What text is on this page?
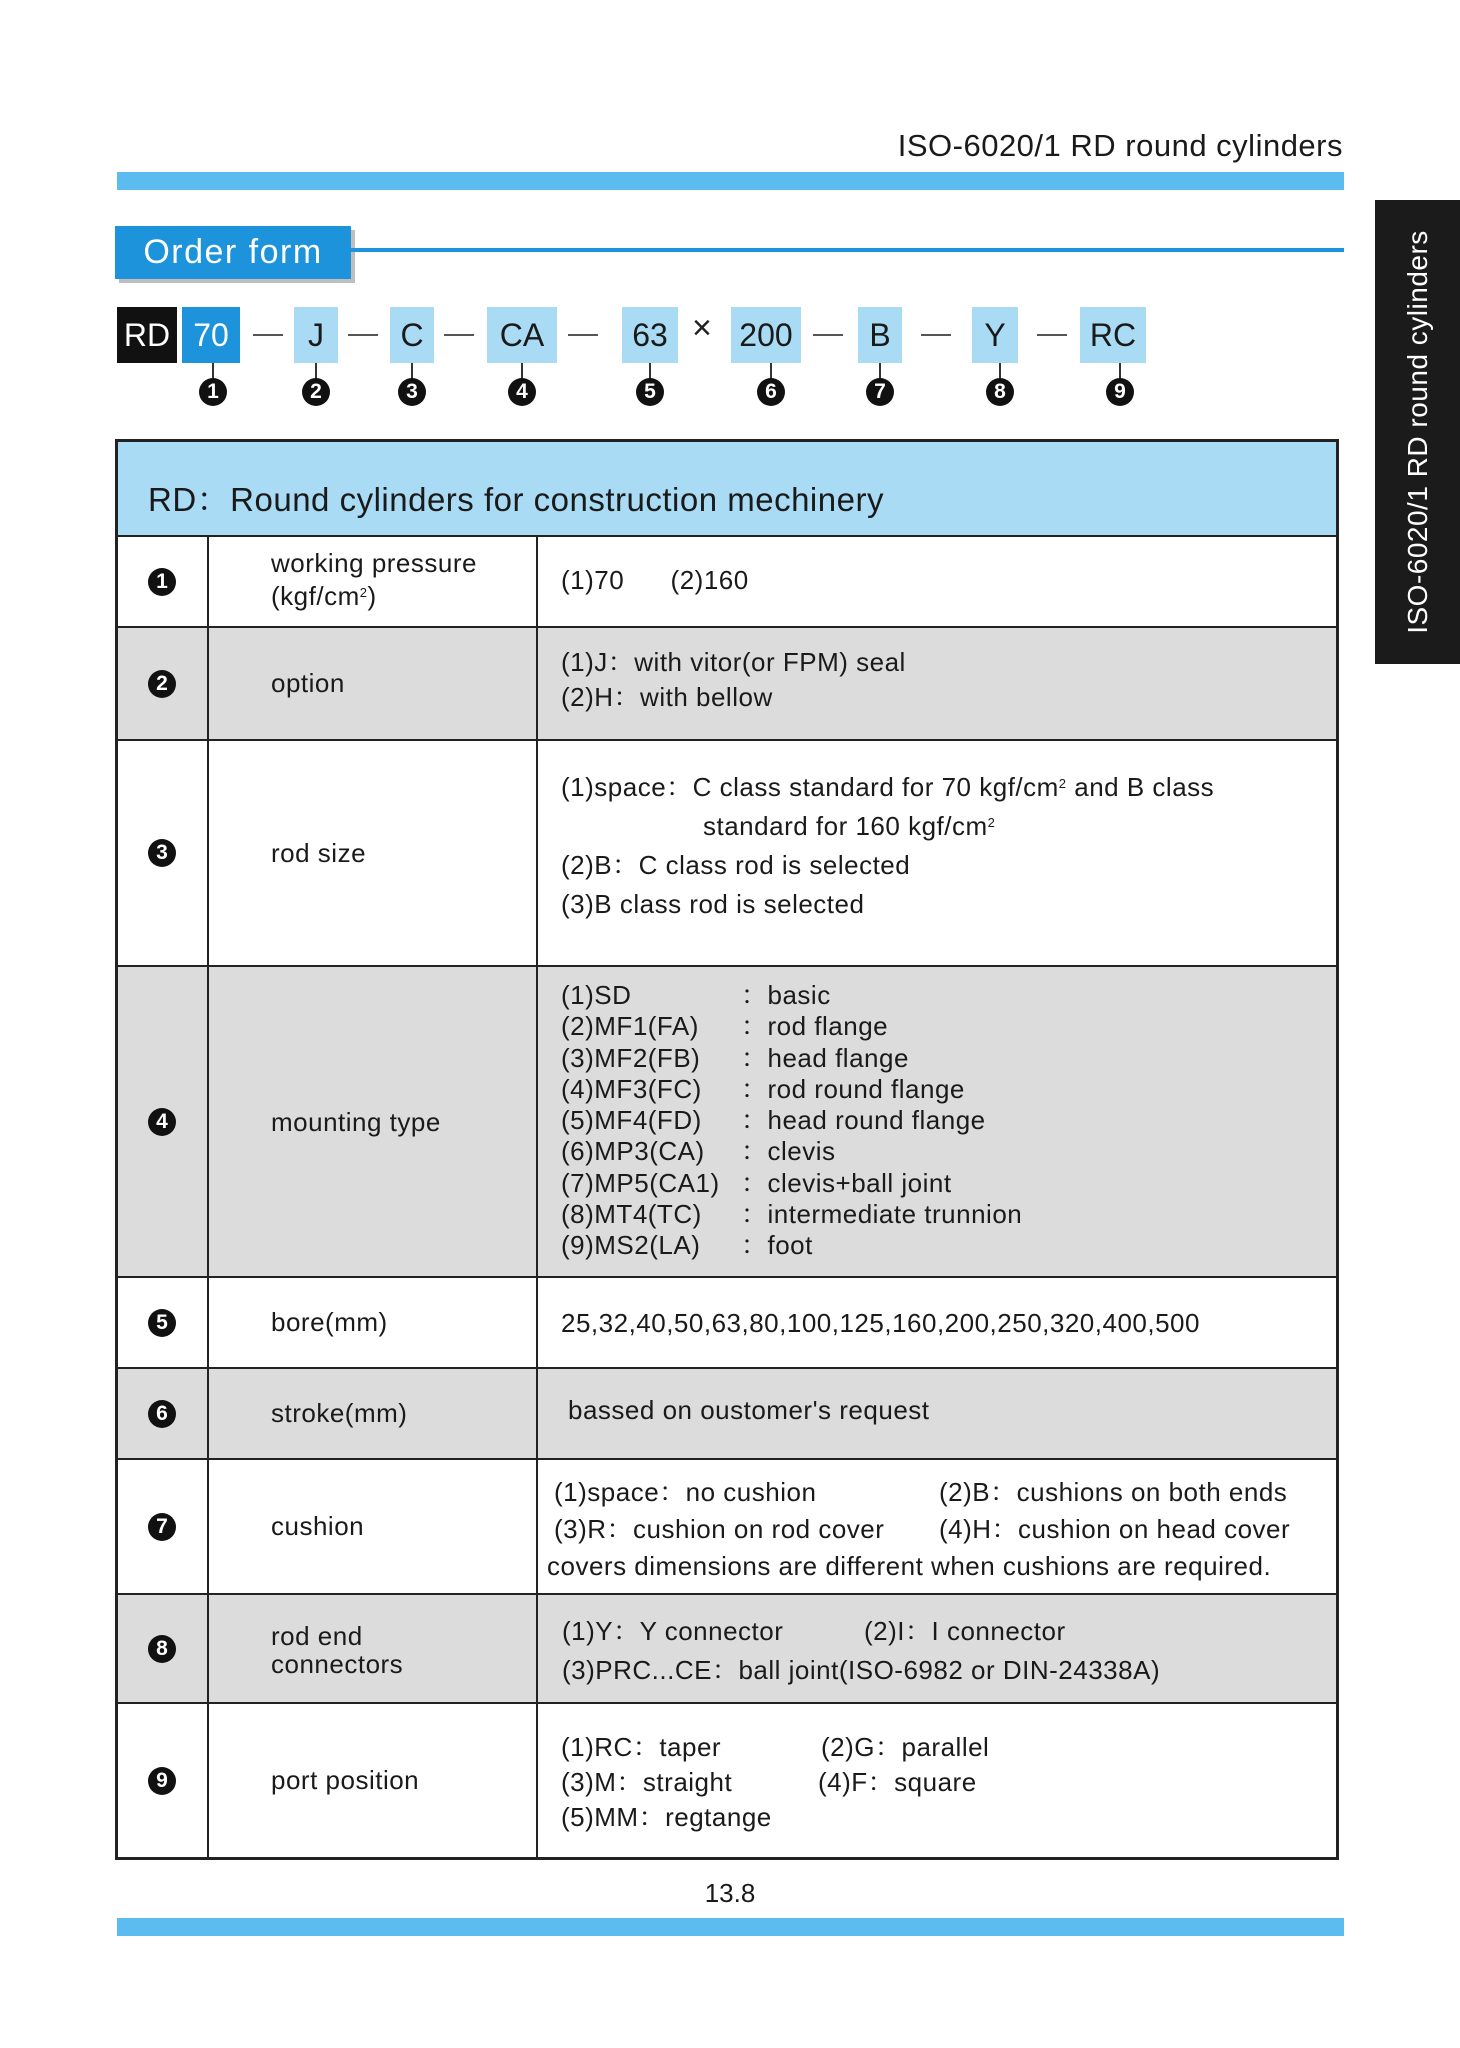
ISO-6020/1 RD round cylinders
ISO-6020/1 RD round cylinders
Order form
RD 70	J	C	CA	63 × 200	B	Y	RC
1	2	3	4	5	6	7	8	9
RD：Round cylinders for construction mechinery
1
working pressure
$(kgf/cm^2)$
(1)70      (2)160
2	option
(1)J：with vitor(or FPM) seal
(2)H：with bellow
3	rod size
(1)space：C class standard for 70 kgf/$cm^2$ and B class
standard for 160 kgf/$cm^2$
(2)B：C class rod is selected
(3)B class rod is selected
4	mounting type
(1)SD	：basic
(2)MF1(FA) ：rod flange
(3)MF2(FB) ：head flange
(4)MF3(FC) ：rod round flange
(5)MF4(FD) ：head round flange
(6)MP3(CA) ：clevis
(7)MP5(CA1) ：clevis+ball joint
(8)MT4(TC) ：intermediate trunnion
(9)MS2(LA) ：foot
5	bore(mm)	25,32,40,50,63,80,100,125,160,200,250,320,400,500
6	stroke(mm)	bassed on oustomer's request
7	cushion
(1)space：no cushion	(2)B：cushions on both ends
(3)R：cushion on rod cover (4)H：cushion on head cover
covers dimensions are different when cushions are required.
8	rod end
connectors
(1)Y：Y connector	(2)I：I connector
(3)PRC...CE：ball joint(ISO-6982 or DIN-24338A)
9	port position
(1)RC：taper	(2)G：parallel
(3)M：straight	(4)F：square
(5)MM：regtange
13.8
